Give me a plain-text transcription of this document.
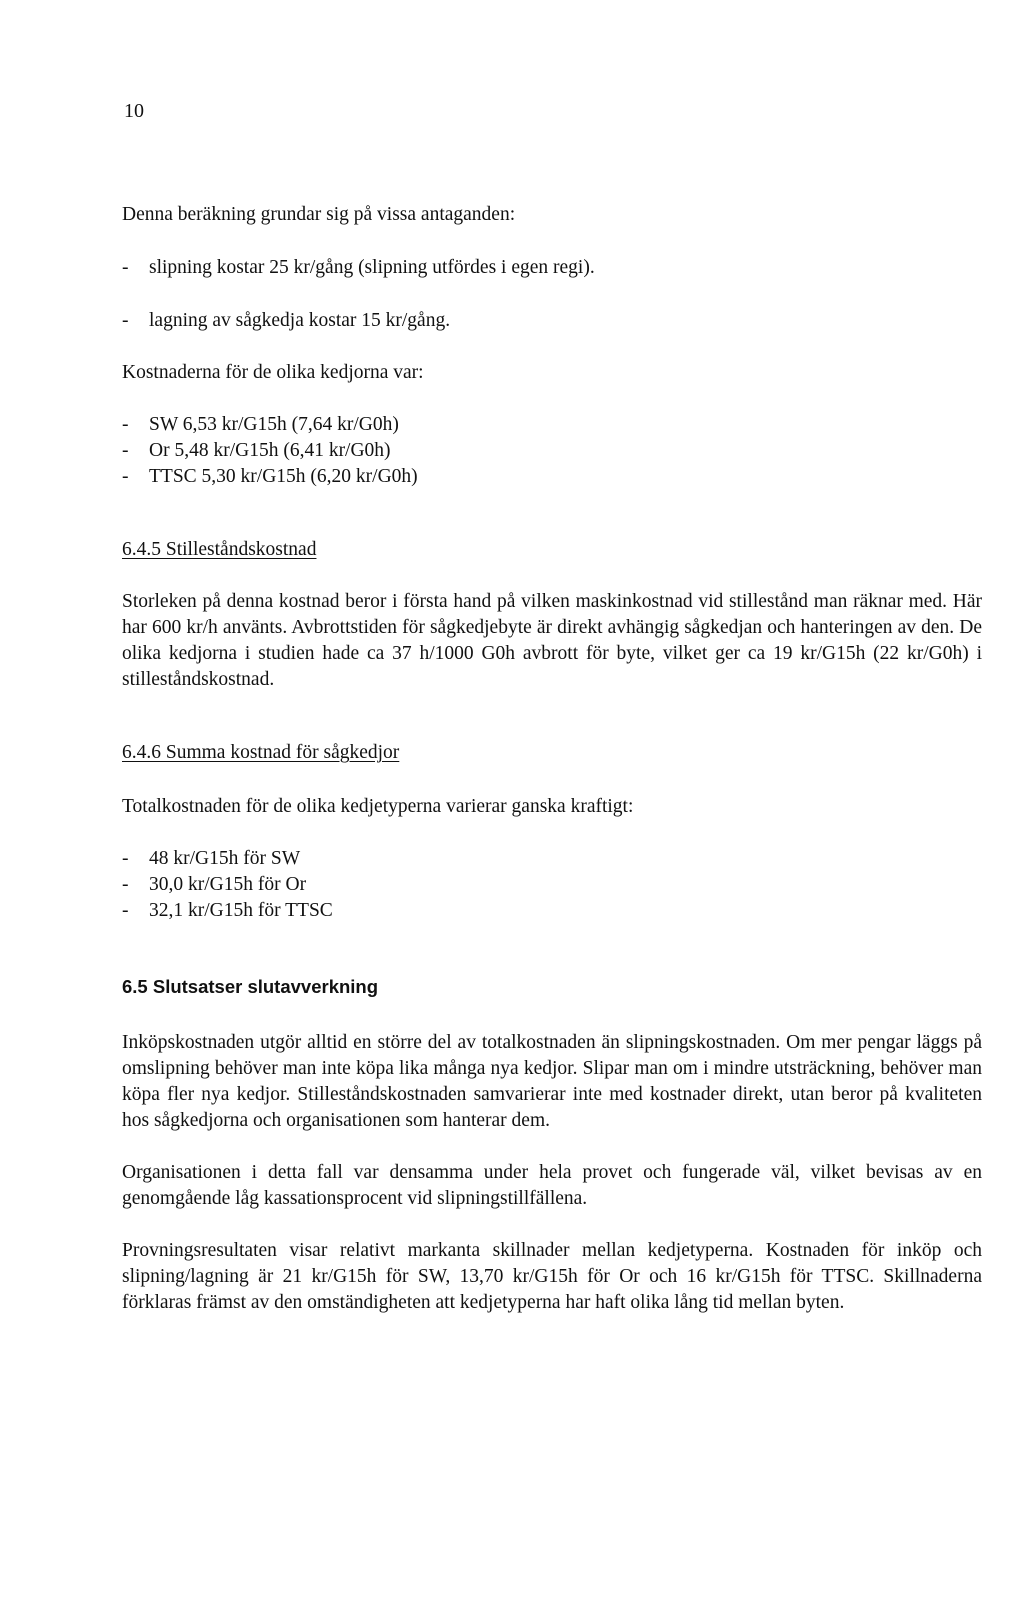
10

Denna beräkning grundar sig på vissa antaganden:

- slipning kostar 25 kr/gång (slipning utfördes i egen regi).
- lagning av sågkedja kostar 15 kr/gång.

Kostnaderna för de olika kedjorna var:

- SW 6,53 kr/G15h (7,64 kr/G0h)
- Or 5,48 kr/G15h (6,41 kr/G0h)
- TTSC 5,30 kr/G15h (6,20 kr/G0h)

6.4.5 Stilleståndskostnad

Storleken på denna kostnad beror i första hand på vilken maskinkostnad vid stillestånd man räknar med. Här har 600 kr/h använts. Avbrottstiden för sågkedjebyte är direkt avhängig sågkedjan och hanteringen av den. De olika kedjorna i studien hade ca 37 h/1000 G0h avbrott för byte, vilket ger ca 19 kr/G15h (22 kr/G0h) i stilleståndskostnad.

6.4.6 Summa kostnad för sågkedjor

Totalkostnaden för de olika kedjetyperna varierar ganska kraftigt:

- 48 kr/G15h för SW
- 30,0 kr/G15h för Or
- 32,1 kr/G15h för TTSC

6.5 Slutsatser slutavverkning

Inköpskostnaden utgör alltid en större del av totalkostnaden än slipningskostnaden. Om mer pengar läggs på omslipning behöver man inte köpa lika många nya kedjor. Slipar man om i mindre utsträckning, behöver man köpa fler nya kedjor. Stilleståndskostnaden samvarierar inte med kostnader direkt, utan beror på kvaliteten hos sågkedjorna och organisationen som hanterar dem.

Organisationen i detta fall var densamma under hela provet och fungerade väl, vilket bevisas av en genomgående låg kassationsprocent vid slipningstillfällena.

Provningsresultaten visar relativt markanta skillnader mellan kedjetyperna. Kostnaden för inköp och slipning/lagning är 21 kr/G15h för SW, 13,70 kr/G15h för Or och 16 kr/G15h för TTSC. Skillnaderna förklaras främst av den omständigheten att kedjetyperna har haft olika lång tid mellan byten.
